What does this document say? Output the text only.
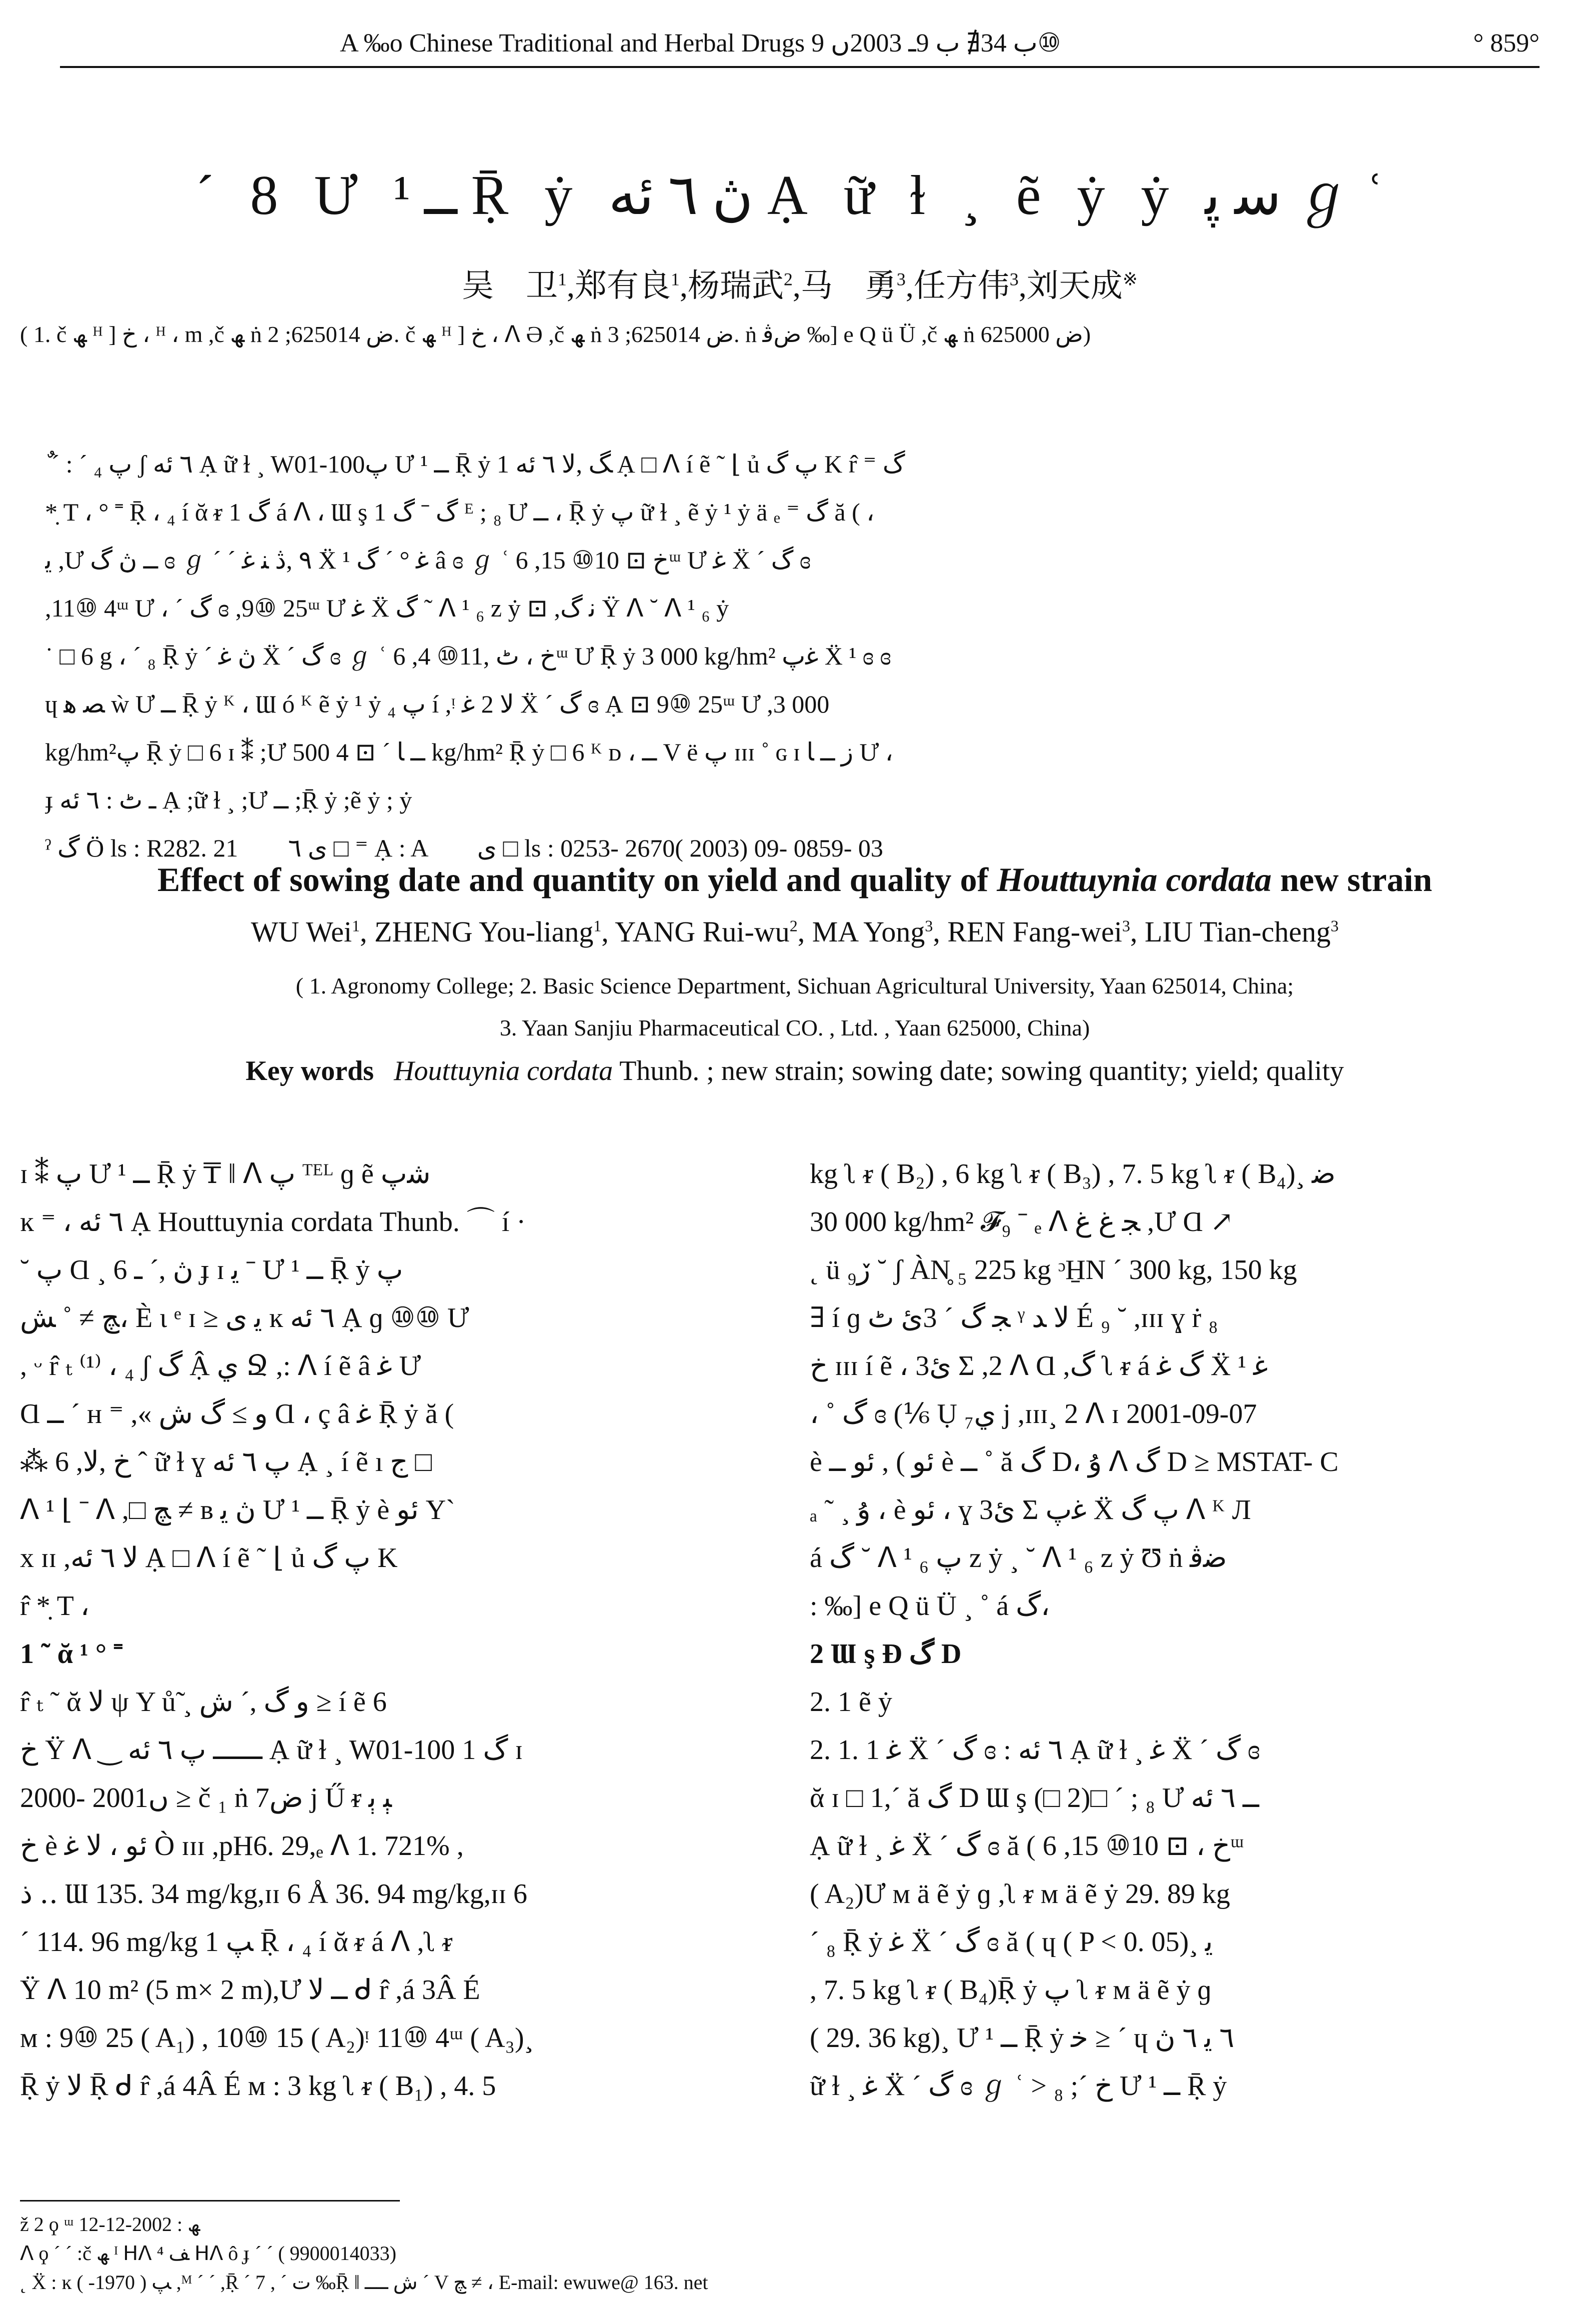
A ‰o Chinese Traditional and Herbal Drugs ب 34∄ ب 9ـ 2003ں 9⑩	° 859°
´ 8 Ư ــ ¹ Ṝ ẏ ڽ ٦ ئه Ạ ữ ɫ ¸ ẽ ẏ ẏ ﺳ ﭘ ℊ ʿ
吴　卫$^1$,郑有良$^1$,杨瑞武$^2$,马　勇$^3$,任方伟$^3$,刘天成※
( 1. č ﮫ ᴴ ] خ ، ᴴ ، m ,č ﮫ ṅ ض 625014; 2. č ﮫ ᴴ ] خ ، ᐱ Ə ,č ﮫ ṅ ض 625014; 3. ṅ ضﭬ ‰] e Q ü Ü ,č ﮫ ṅ ض 625000)
ٌ ˊ : ˊ ﭖ ₄ ʃ ٦ ئه Ạ ữ ɫ ¸ W01-100ﭖ Ư ــ ¹ Ṝ ẏ 1 ﮓ ,ﻻ ٦ ئه Ạ □ ᐱ í ẽ ˜ ⌊ ủ ﭖ ﮒ K r̂ ⁼ ﮒ
*̣ T ، ° ˭ Ṝ ، ₄ í ᾰ ᵲ 1 ﮒ á ᐱ ، Ɯ ş 1 ﮒ ˉ ﮒ ᴱ ; ₈ Ư ــ ، Ṝ ẏ ﭖ ữ ɫ ¸ ẽ ẏ ¹ ẏ ä ₑ ⁼ ﮒ ă ( ،
ﯾ ,Ư ــ ڽ ﮒ ɞ ℊ ˊ ˊ ٩ ,ڎ ﻨ ﻏ Ẍ ¹ ﻏ ° ˊ ﮒ â ɞ ℊ ʿ 6 ,خ ⊡ 10⑩ 15ᵚ Ư ﻏ Ẍ ˊ ﮒ ɞ
,11⑩ 4ᵚ Ư ، ˊ ﮒ ɞ ,9⑩ 25ᵚ Ư ﻏ Ẍ ﮒ ˜ ᐱ ¹ ₆ z ẏ ⊡ ,ﻧ ﮒ Ÿ ᐱ ˘ ᐱ ¹ ₆ ẏ
˙ □ 6 g ، ´ ₈ Ṝ ẏ ˊ ڽ ﻏ Ẍ ˊ ﮒ ɞ ℊ ʿ 6 ,خ ، ٹ ,11⑩ 4ᵚ Ư Ṝ ẏ 3 000 kg/hm² ﻏﭖ Ẍ ¹ ɞ ɞ
ɥ ﺼ ﻫ ẁ Ư ــ Ṝ ẏ ᴷ ، Ɯ ó ᴷ ẽ ẏ ¹ ẏ ﭖ ₄ í ,ᵎ ﻻ 2 ﻏ Ẍ ˊ ﮒ ɞ Ạ ⊡ 9⑩ 25ᵚ Ư ,3 000
kg/hm²ﭖ Ṝ ẏ □ 6 ɪ ⁑ ;Ư ــ ﺎ ˊ ⊡ 4 500 kg/hm² Ṝ ẏ □ 6 ᴷ ᴅ ، ــ V ë ﭖ ɪɪɪ ˚ ɢ ɪ ز ــ ﺎ Ư ،
ɟ ـ ٹ : ٦ ئه Ạ ;ữ ɫ ¸ ;Ư ــ ;Ṝ ẏ ;ẽ ẏ ; ẏ
ˀ ﮒ Ö ls : R282. 21　　ى ٦ □ ⁼ Ạ : A　　ى □ ls : 0253- 2670( 2003) 09- 0859- 03
Effect of sowing date and quantity on yield and quality of Houttuynia cordata new strain
WU Wei$^1$, ZHENG You-liang$^1$, YANG Rui-$wu^2$, MA Yong$^3$, REN Fang-wei$^3$, LIU Tian-cheng$^3$
( 1. Agronomy College; 2. Basic Science Department, Sichuan Agricultural University, Yaan 625014, China;
3. Yaan Sanjiu Pharmaceutical CO. , Ltd. , Yaan 625000, China)
Key words Houttuynia cordata Thunb. ; new strain; sowing date; sowing quantity; yield; quality
ɪ ⁑ ﭖ Ư ــ ¹ Ṝ ẏ ₸ ‖ ᐱ ﭖ ᵀᴱᴸ ɡ ẽ ﺷﭖ
ĸ ⁼ ، ٦ ئه Ạ Houttuynia cordata Thunb. ⌒ í ·
˘ ﭖ Ɑ ¸ 6 ڽ ,ˊ ـ ɟ ɪ ﯾ ˉ Ư ــ ¹ Ṝ ẏ ﭖ
ﭻ ≠ ˚ ﺶ، È ɩ ᵉ ɪ ≥ ﯾ ى ĸ ٦ ئه Ạ ɡ ⑩⑩ Ư
, ᵕ r̂ ₜ ⁽¹⁾ ، ₄ ʃ ﮒ Ậ ي Ջ ,: ᐱ í ẽ â ﻏ Ư
Ɑ ــ ´ ʜ ⁼ ,« ﻭ ≥ ﮒ ﺵ Ɑ ، ç â ﻏ Ṝ ẏ ă (
⁂ 6 ,خ ,ﻻ ˆ ữ ɫ ɣ ﭖ ٦ ئه Ạ ¸ í ẽ ı ج □
ᐱ ¹ ⌊ ˉ ᐱ ,□ ﭻ ≠ ʙ ڽ ﯾ Ư ــ ¹ Ṝ ẏ è ﺋﻮ Y`
x ɪɪ ,ﻻ ٦ ئه Ạ □ ᐱ í ẽ ˜ ⌊ ủ ﭖ ﮒ K
r̂ *̣ T ،
1 ˜ ᾰ ¹ ° ˭
r̂ ₜ ˜ ᾰ ﻻ ψ Y ů̃ ¸ ﻭ ﮒ ,ˊ ﺵ ≥ í ẽ 6
خ Ÿ ᐱ ‿ ــــــ ﭖ ٦ ئه Ạ ữ ɫ ¸ W01-100 1 ﮒ ɪ
2000- 2001ں ≥ č ₁ ṅ ض7 j Ű ᵲ ﯧ ﯦ
خ è ﺋﻮ ، ﻻ ﻏ Ò ɪɪɪ ,pH6. 29,ₑ ᐱ 1. 721% ,
ﺫ ‥ Ɯ 135. 34 mg/kg,ɪɪ 6 Å 36. 94 mg/kg,ɪɪ 6
ˊ 114. 96 mg/kg 1 ﭗ Ṝ ، ₄ í ᾰ ᵲ á ᐱ ,ʅ ᵲ
Ÿ ᐱ 10 m² (5 m× 2 m),Ư ــ ﻻ ᑯ r̂ ,á 3Â É
ᴍ : 9⑩ 25 ( A₁) , 10⑩ 15 ( A₂)ᵎ 11⑩ 4ᵚ ( A₃)¸
Ṝ ẏ ﻻ Ṝ ᑯ r̂ ,á 4Â É ᴍ : 3 kg ʅ ᵲ ( B₁) , 4. 5
kg ʅ ᵲ ( B₂) , 6 kg ʅ ᵲ ( B₃) , 7. 5 kg ʅ ᵲ ( B₄)¸ ﺿ
30 000 kg/hm² 𝓕₉ ˉ ₑ ᐱ ﺠ ﻍ ﻍ ,Ư Ɑ ↗
˛ ü ڒ₉ ˘ ʃ ÀN̥ ₅ 225 kg ᵓH̱N ˊ 300 kg, 150 kg
∃ í ɡ ﺠ ﮒ ˊ 3ئ ٹ ᵞ ﻻ ﺪ É ₉ ˘ ,ɪɪɪ ɣ ṙ ₈
خ ɪɪɪ í ẽ ، 3ئ Σ ,2 ᐱ Ɑ ,ﮒ ʅ ᵲ á ﮒ ﻏ Ẍ ¹ ﻏ
، ˚ ﮒ ɞ (⅙ Ụ ي₇ j ,ɪɪɪ¸ 2 ᐱ ɪ 2001-09-07
è ﺋﻮ ) , ﺋﻮ ــ è ــ ˚ ă ﮒ D، ﯗ ᐱ ﮒ D ≥ MSTAT- C
ₐ ˜ ¸ ﯗ ، è ﺋﻮ ، ɣ 3ئ Σ ﻏﭖ Ẍ ﭖ ﮒ ᐱ ᴷ Л
á ﮒ ˘ ᐱ ¹ ₆ ﭖ z ẏ ¸ ˘ ᐱ ¹ ₆ z ẏ Ʊ ṅ ﺿﭬ
: ‰] e Q ü Ü ¸ ˚ á ﮒ،
2 Ɯ ş Ɖ ﮒ D
2. 1 ẽ ẏ
2. 1. 1 ﻏ Ẍ ˊ ﮒ ɞ : ٦ ئه Ạ ữ ɫ ¸ ﻏ Ẍ ˊ ﮒ ɞ
ᾰ ɪ □ 1,ˊ ă ﮒ D Ɯ ş (□ 2)□ ´ ; ₈ Ư ــ ٦ ئه
Ạ ữ ɫ ¸ ﻏ Ẍ ˊ ﮒ ɞ ă ( 6 ,خ ، ⊡ 10⑩ 15ᵚ
( A₂)Ư ᴍ ä ẽ ẏ ɡ ,ʅ ᵲ ᴍ ä ẽ ẏ 29. 89 kg
ˊ ₈ Ṝ ẏ ﻏ Ẍ ˊ ﮒ ɞ ă ( ɥ ( P < 0. 05)¸ ﯾ
, 7. 5 kg ʅ ᵲ ( B₄)Ṝ ẏ ﭖ ʅ ᵲ ᴍ ä ẽ ẏ ɡ
( 29. 36 kg)¸ Ư ــ ¹ Ṝ ẏ ﺧ ≥ ´ ɥ ٦ ﯾ ٦ ڽ
ữ ɫ ¸ ﻏ Ẍ ˊ ﮒ ɞ ℊ ʿ > خ ˊ; ₈ Ư ــ ¹ Ṝ ẏ
ž 2 ϙ ᵚ ﮫ : 2002-12-12
ᐱ ϙ ˊ ˊ :č ﮫ ᴵ ᕼᐱ ⁴ ﻒ ᕼᐱ ô ɟ ˊ ˊ ( 9900014033)
˛ Ẍ : ĸ ﭗ ( 1970- ) ,ᴹ ˊ ˊ ,Ṝ ´ 7 , ˊ ت ‰Ṝ ‖ ﺵ ــــ ˊ V ﭻ ≠ ، E-mail: ewuwe@ 163. net
